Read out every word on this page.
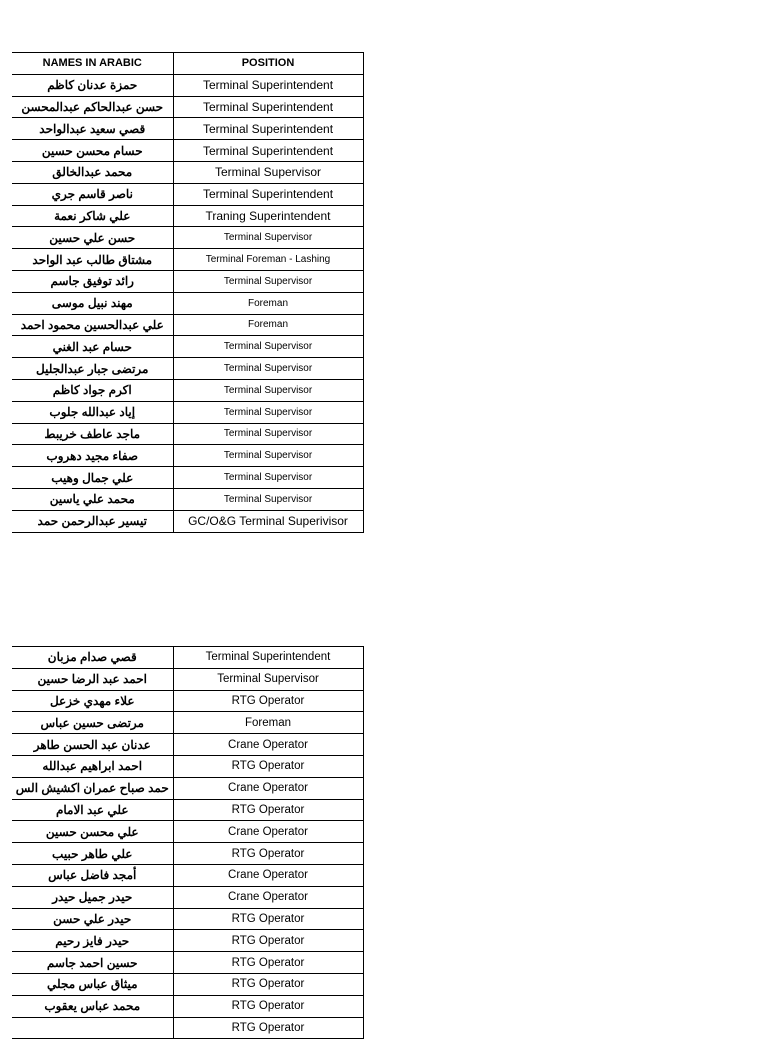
NAMES IN ARABIC	POSITION
حمزة عدنان كاظم	Terminal Superintendent
حسن عبدالحاكم عبدالمحسن	Terminal Superintendent
قصي سعيد عبدالواحد	Terminal Superintendent
حسام محسن حسين	Terminal Superintendent
محمد عبدالخالق	Terminal Supervisor
ناصر قاسم جري	Terminal Superintendent
علي شاكر نعمة	Traning Superintendent
حسن علي حسين	Terminal Supervisor
مشتاق طالب عبد الواحد	Terminal Foreman - Lashing
رائد توفيق جاسم	Terminal Supervisor
مهند نبيل موسى	Foreman
علي عبدالحسين محمود احمد	Foreman
حسام عبد الغني	Terminal Supervisor
مرتضى جبار عبدالجليل	Terminal Supervisor
اكرم جواد كاظم	Terminal Supervisor
إياد عبدالله جلوب	Terminal Supervisor
ماجد عاطف خريبط	Terminal Supervisor
صفاء مجيد دهروب	Terminal Supervisor
علي جمال وهيب	Terminal Supervisor
محمد علي ياسين	Terminal Supervisor
تيسير عبدالرحمن حمد	GC/O&G Terminal Superivisor
قصي صدام مزبان	Terminal Superintendent
احمد عبد الرضا حسين	Terminal Supervisor
علاء مهدي خزعل	RTG Operator
مرتضى حسين عباس	Foreman
عدنان عبد الحسن طاهر	Crane Operator
احمد ابراهيم عبدالله	RTG Operator
حمد صباح عمران اكشيش الس	Crane Operator
علي عبد الامام	RTG Operator
علي محسن حسين	Crane Operator
علي طاهر حبيب	RTG Operator
أمجد فاضل عباس	Crane Operator
حيدر جميل حيدر	Crane Operator
حيدر علي حسن	RTG Operator
حيدر فايز رحيم	RTG Operator
حسين احمد جاسم	RTG Operator
ميثاق عباس مجلي	RTG Operator
محمد عباس يعقوب	RTG Operator
	RTG Operator
